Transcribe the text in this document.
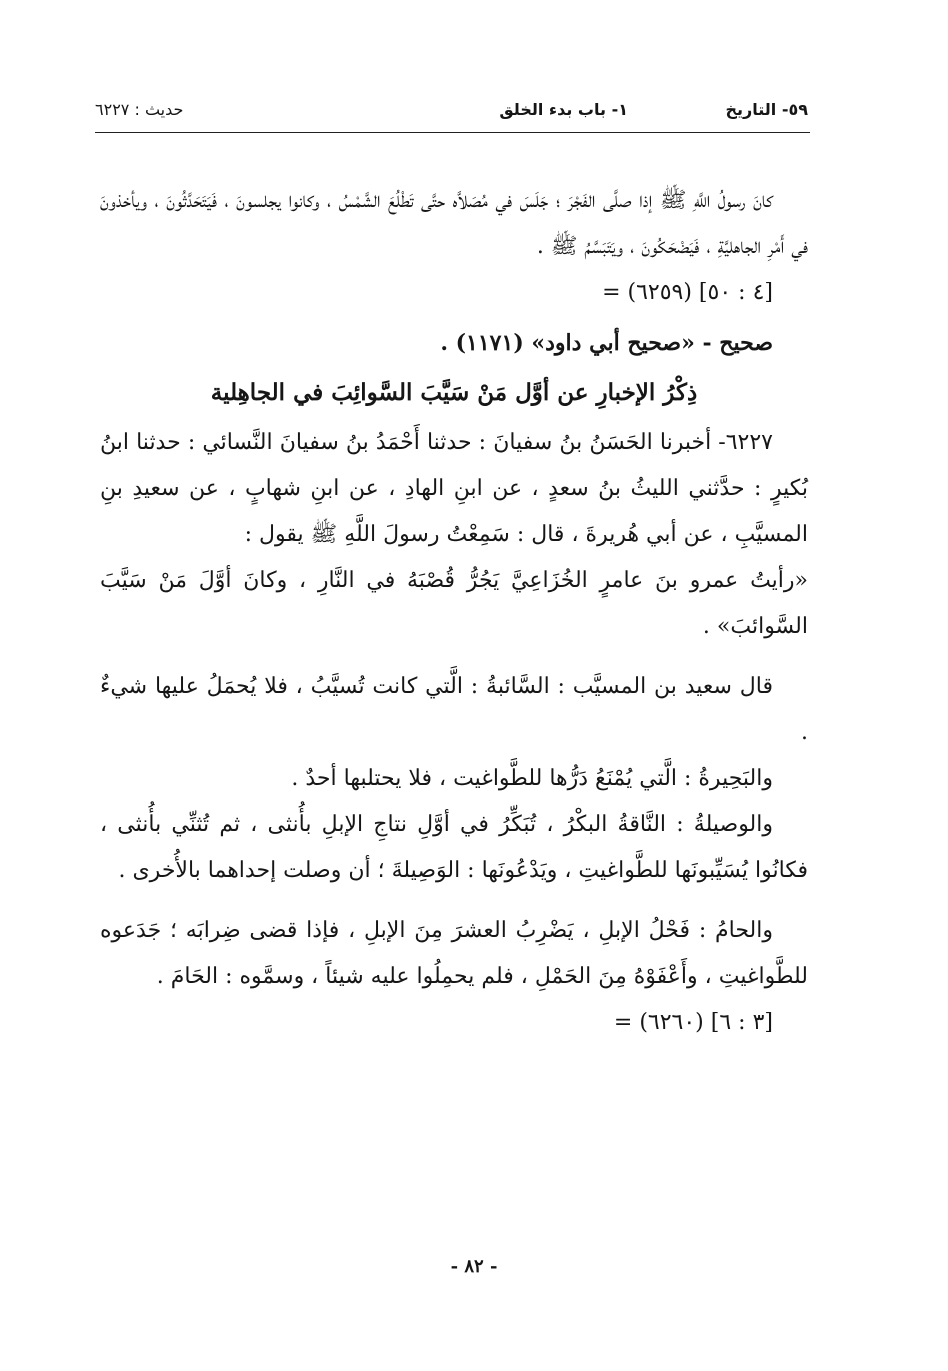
٥٩- التاريخ
١- باب بدء الخلق
حديث : ٦٢٢٧

كانَ رسولُ اللَّهِ ﷺ إذا صلَّى الفَجْرَ ؛ جَلَسَ في مُصَلاَّه حتَّى تَطْلُعَ الشَّمْسُ ، وكانوا يجلسونَ ، فَيَتَحَدَّثُونَ ، ويأخذونَ في أَمْرِ الجاهليَّةِ ، فَيَضْحَكُونَ ، ويَتَبَسَّمُ ﷺ .

= (٦٢٥٩) [٤ : ٥٠]

صحيح - «صحيح أبي داود» (١١٧١) .

ذِكْرُ الإخبارِ عن أوَّل مَنْ سَيَّبَ السَّوائِبَ في الجاهِلية

٦٢٢٧- أخبرنا الحَسَنُ بنُ سفيانَ : حدثنا أَحْمَدُ بنُ سفيانَ النَّسائي : حدثنا ابنُ بُكيرٍ : حدَّثني الليثُ بنُ سعدٍ ، عن ابنِ الهادِ ، عن ابنِ شهابٍ ، عن سعيدِ بنِ المسيَّبِ ، عن أبي هُريرةَ ، قال : سَمِعْتُ رسولَ اللَّهِ ﷺ يقول :

«رأيتُ عمرو بنَ عامرٍ الخُزَاعِيَّ يَجُرُّ قُصْبَهُ في النَّارِ ، وكانَ أوَّلَ مَنْ سَيَّبَ السَّوائبَ» .

قال سعيد بن المسيَّب : السَّائبةُ : الَّتي كانت تُسيَّبُ ، فلا يُحمَلُ عليها شيءٌ .

والبَحِيرةُ : الَّتي يُمْنَعُ دَرُّها للطَّواغيت ، فلا يحتلبها أحدٌ .

والوصيلةُ : النَّاقةُ البكْرُ ، تُبَكِّرُ في أوَّلِ نتاجِ الإبلِ بأُنثى ، ثم تُثنِّي بأُنثى ، فكانُوا يُسَيِّبونَها للطَّواغيتِ ، ويَدْعُونَها : الوَصِيلةَ ؛ أن وصلت إحداهما بالأُخرى .

والحامُ : فَحْلُ الإبلِ ، يَضْرِبُ العشرَ مِنَ الإبلِ ، فإذا قضى ضِرابَه ؛ جَدَعوه للطَّواغيتِ ، وأَعْفَوْهُ مِنَ الحَمْلِ ، فلم يحمِلُوا عليه شيئاً ، وسمَّوه : الحَامَ .

= (٦٢٦٠) [٣ : ٦]

- ٨٢ -
